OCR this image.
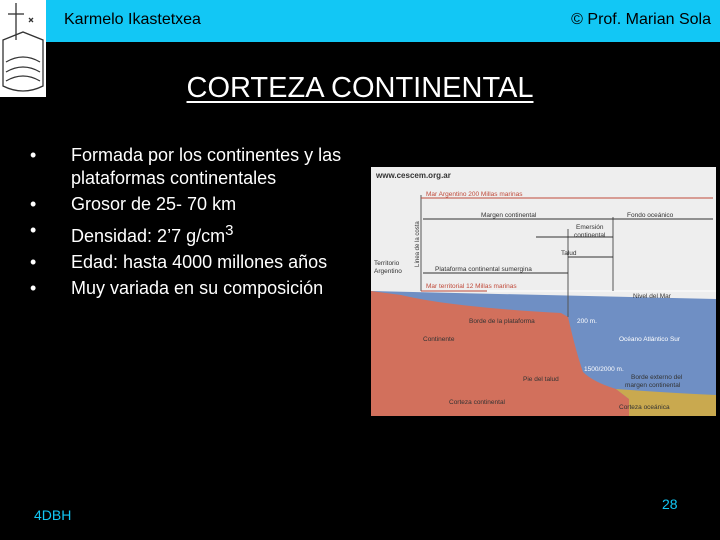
Karmelo Ikastetxea	© Prof. Marian Sola
CORTEZA CONTINENTAL
• Formada por los continentes y las plataformas continentales
• Grosor de 25- 70 km
• Densidad: 2’7 $g/cm^3$
• Edad: hasta 4000 millones años
• Muy variada en su composición
www.cescem.org.ar
Mar Argentino 200 Millas marinas
Línea de la costa
Margen continental	Fondo oceánico
Emersión
continental
Talud
Territorio
Argentino	Plataforma continental sumergina
Mar territorial 12 Millas marinas
Nivel del Mar
Borde de la plataforma	200 m.
Continente	Océano Atlántico Sur
1500/2000 m.
Pie del talud	Borde externo del
margen continental
Corteza continental
Corteza oceánica
4DBH
28
